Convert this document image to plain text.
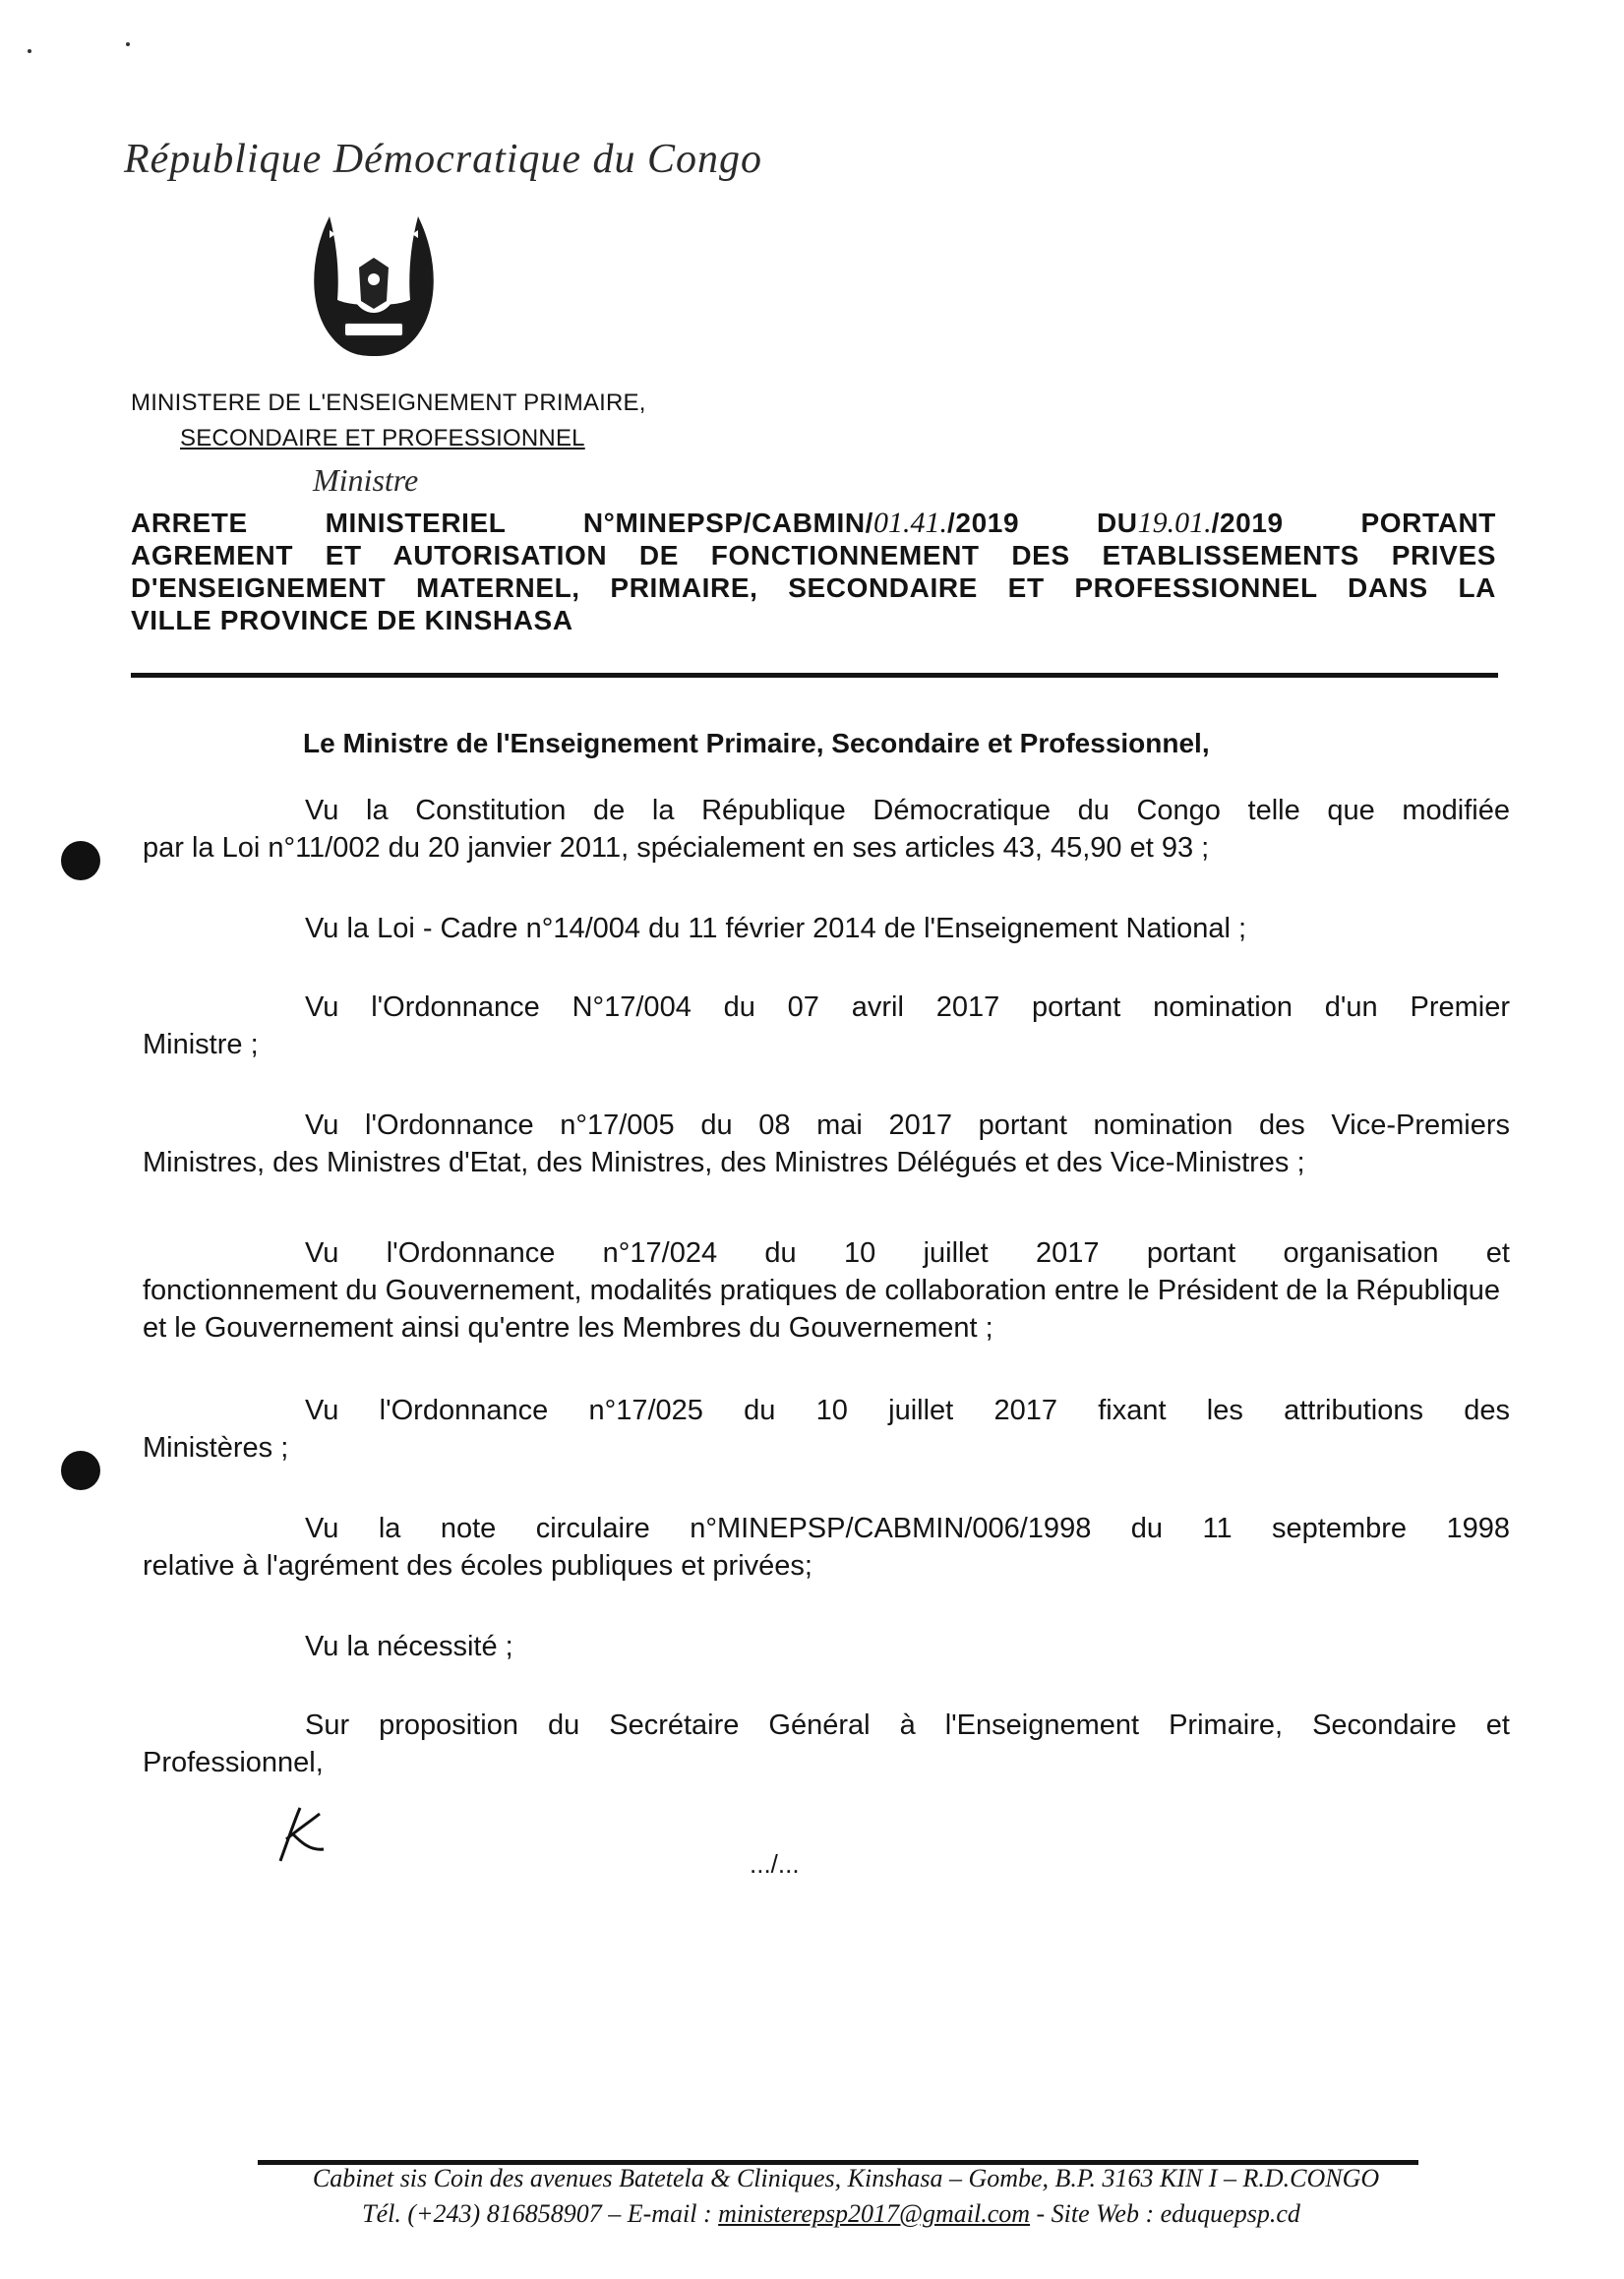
République Démocratique du Congo
MINISTERE DE L'ENSEIGNEMENT PRIMAIRE,
SECONDAIRE ET PROFESSIONNEL
Ministre
ARRETE MINISTERIEL N°MINEPSP/CABMIN/01.41./2019 DU19.01./2019 PORTANT
AGREMENT ET AUTORISATION DE FONCTIONNEMENT DES ETABLISSEMENTS PRIVES
D'ENSEIGNEMENT MATERNEL, PRIMAIRE, SECONDAIRE ET PROFESSIONNEL DANS LA
VILLE PROVINCE DE KINSHASA
Le Ministre de l'Enseignement Primaire, Secondaire et Professionnel,
Vu la Constitution de la République Démocratique du Congo telle que modifiée
par la Loi n°11/002 du 20 janvier 2011, spécialement en ses articles 43, 45,90 et 93 ;
Vu la Loi - Cadre n°14/004 du 11 février 2014 de l'Enseignement National ;
Vu l'Ordonnance N°17/004 du 07 avril 2017 portant nomination d'un Premier
Ministre ;
Vu l'Ordonnance n°17/005 du 08 mai 2017 portant nomination des Vice-Premiers
Ministres, des Ministres d'Etat, des Ministres, des Ministres Délégués et des Vice-Ministres ;
Vu l'Ordonnance n°17/024 du 10 juillet 2017 portant organisation et
fonctionnement du Gouvernement, modalités pratiques de collaboration entre le Président de la République et le Gouvernement ainsi qu'entre les Membres du Gouvernement ;
Vu l'Ordonnance n°17/025 du 10 juillet 2017 fixant les attributions des
Ministères ;
Vu la note circulaire n°MINEPSP/CABMIN/006/1998 du 11 septembre 1998
relative à l'agrément des écoles publiques et privées;
Vu la nécessité ;
Sur proposition du Secrétaire Général à l'Enseignement Primaire, Secondaire et
Professionnel,
.../...
Cabinet sis Coin des avenues Batetela & Cliniques, Kinshasa – Gombe, B.P. 3163 KIN I – R.D.CONGO
Tél. (+243) 816858907 – E-mail : ministerepsp2017@gmail.com - Site Web : eduquepsp.cd
